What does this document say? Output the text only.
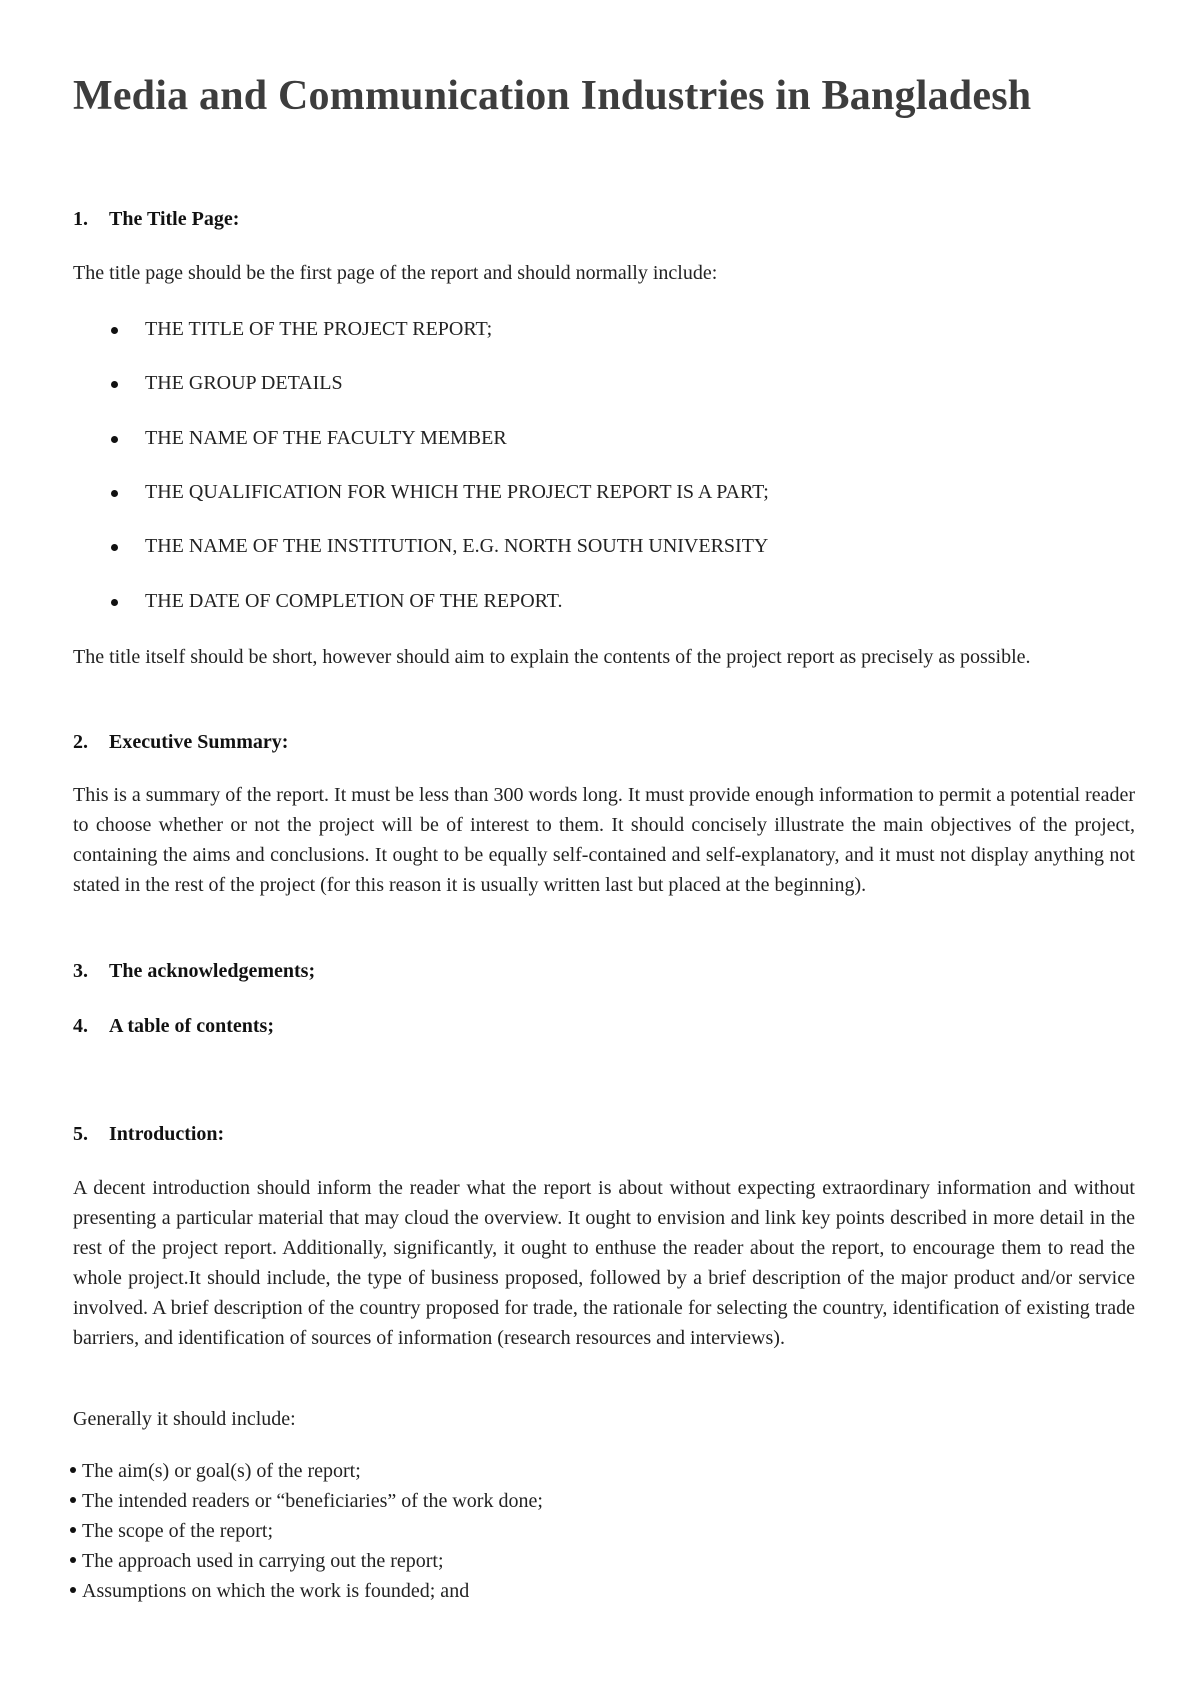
Media and Communication Industries in Bangladesh
1. The Title Page:

The title page should be the first page of the report and should normally include:

THE TITLE OF THE PROJECT REPORT;
THE GROUP DETAILS
THE NAME OF THE FACULTY MEMBER
THE QUALIFICATION FOR WHICH THE PROJECT REPORT IS A PART;
THE NAME OF THE INSTITUTION, E.G. NORTH SOUTH UNIVERSITY
THE DATE OF COMPLETION OF THE REPORT.

The title itself should be short, however should aim to explain the contents of the project report as precisely as possible.

2. Executive Summary:

This is a summary of the report. It must be less than 300 words long. It must provide enough information to permit a potential reader to choose whether or not the project will be of interest to them. It should concisely illustrate the main objectives of the project, containing the aims and conclusions. It ought to be equally self-contained and self-explanatory, and it must not display anything not stated in the rest of the project (for this reason it is usually written last but placed at the beginning).

3. The acknowledgements;
4. A table of contents;
5. Introduction:

A decent introduction should inform the reader what the report is about without expecting extraordinary information and without presenting a particular material that may cloud the overview. It ought to envision and link key points described in more detail in the rest of the project report. Additionally, significantly, it ought to enthuse the reader about the report, to encourage them to read the whole project.It should include, the type of business proposed, followed by a brief description of the major product and/or service involved. A brief description of the country proposed for trade, the rationale for selecting the country, identification of existing trade barriers, and identification of sources of information (research resources and interviews).

Generally it should include:

The aim(s) or goal(s) of the report;
The intended readers or “beneficiaries” of the work done;
The scope of the report;
The approach used in carrying out the report;
Assumptions on which the work is founded; and
